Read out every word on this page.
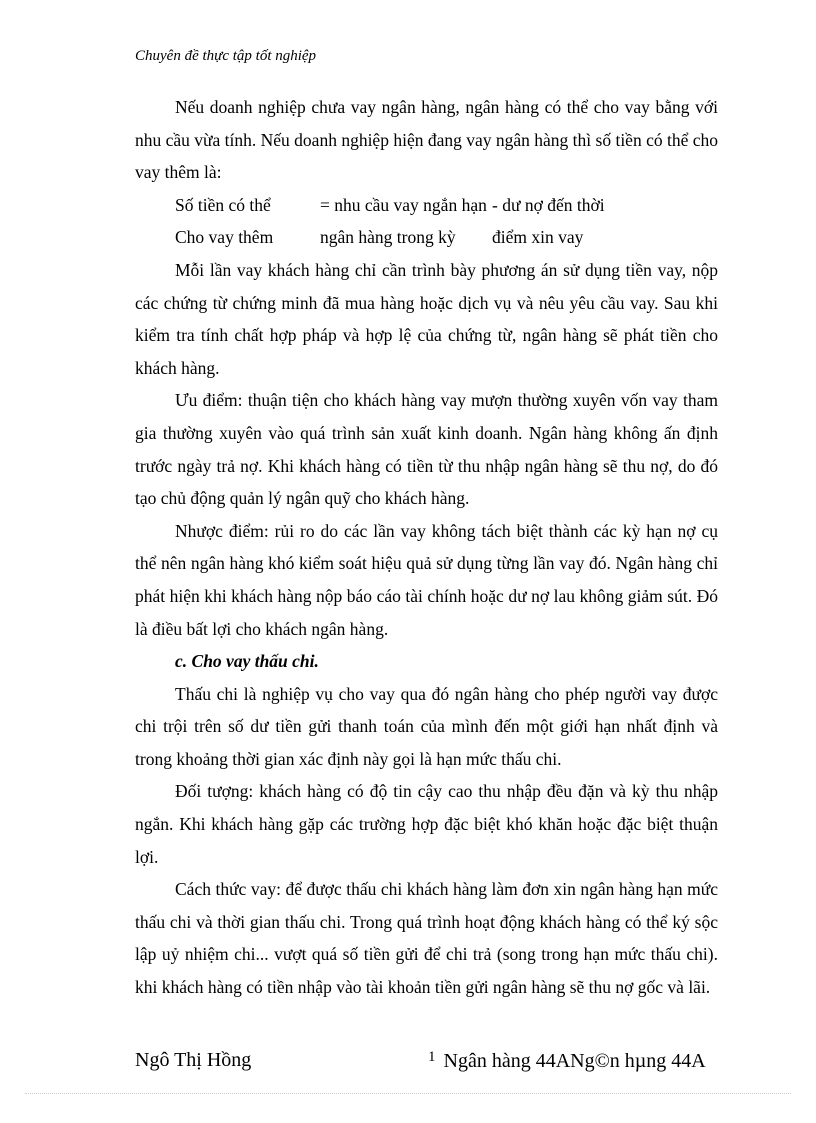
Chuyên đề thực tập tốt nghiệp

Nếu doanh nghiệp chưa vay ngân hàng, ngân hàng có thể cho vay bằng với nhu cầu vừa tính. Nếu doanh nghiệp hiện đang vay ngân hàng thì số tiền có thể cho vay thêm là:

Số tiền có thể	= nhu cầu vay ngắn hạn - dư nợ đến thời

Cho vay thêm	ngân hàng trong kỳ điểm xin vay

Mỗi lần vay khách hàng chỉ cần trình bày phương án sử dụng tiền vay, nộp các chứng từ chứng minh đã mua hàng hoặc dịch vụ và nêu yêu cầu vay. Sau khi kiểm tra tính chất hợp pháp và hợp lệ của chứng từ, ngân hàng sẽ phát tiền cho khách hàng.

Ưu điểm: thuận tiện cho khách hàng vay mượn thường xuyên vốn vay tham gia thường xuyên vào quá trình sản xuất kinh doanh. Ngân hàng không ấn định trước ngày trả nợ. Khi khách hàng có tiền từ thu nhập ngân hàng sẽ thu nợ, do đó tạo chủ động quản lý ngân quỹ cho khách hàng.

Nhược điểm: rủi ro do các lần vay không tách biệt thành các kỳ hạn nợ cụ thể nên ngân hàng khó kiểm soát hiệu quả sử dụng từng lần vay đó. Ngân hàng chỉ phát hiện khi khách hàng nộp báo cáo tài chính hoặc dư nợ lau không giảm sút. Đó là điều bất lợi cho khách ngân hàng.

c. Cho vay thấu chi.

Thấu chi là nghiệp vụ cho vay qua đó ngân hàng cho phép người vay được chi trội trên số dư tiền gửi thanh toán của mình đến một giới hạn nhất định và trong khoảng thời gian xác định này gọi là hạn mức thấu chi.

Đối tượng: khách hàng có độ tin cậy cao thu nhập đều đặn và kỳ thu nhập ngắn. Khi khách hàng gặp các trường hợp đặc biệt khó khăn hoặc đặc biệt thuận lợi.

Cách thức vay: để được thấu chi khách hàng làm đơn xin ngân hàng hạn mức thấu chi và thời gian thấu chi. Trong quá trình hoạt động khách hàng có thể ký sộc lập uỷ nhiệm chi... vượt quá số tiền gửi để chi trả (song trong hạn mức thấu chi). khi khách hàng có tiền nhập vào tài khoản tiền gửi ngân hàng sẽ thu nợ gốc và lãi.

Ngô Thị Hồng	$^1$ Ngân hàng 44ANg©n hµng 44A
